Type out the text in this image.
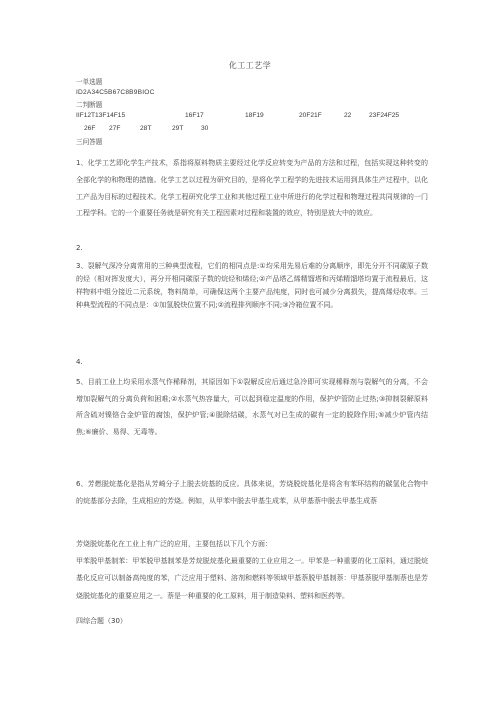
化工工艺学
一单选题
ID2A34C5B67C8B9BIOC
二判断题
IIF12T13F14F15	16F17	18F19	20F21F	22	23F24F25
26F 27F	28T	29T	30
三问答题
1、化学工艺即化学生产技术，系指将原料物质主要经过化学反应转变为产品的方法和过程，包括实现这种转变的全部化学的和物理的措施。化学工艺以过程为研究目的，是将化学工程学的先进技术运用到具体生产过程中，以化工产品为目标的过程技术。化学工程研究化学工业和其他过程工业中所进行的化学过程和物理过程共同规律的一门工程学科。它的一个重要任务就是研究有关工程因素对过程和装置的效应，特别是放大中的效应。
2.
3、裂解气深冷分离常用的三种典型流程，它们的相同点是:①均采用先易后难的分离顺序，即先分开不同碳原子数的烃（相对挥发度大），再分开相同碳原子数的烷烃和烯烃;②产品塔乙烯精馏塔和丙烯精馏塔均置于流程最后，这样物料中组分接近二元系统，物料简单，可确保这两个主要产品纯度，同时也可减少分离损失，提高烯烃收率。三种典型流程的不同点是：①加氢脱炔位置不同;②流程排列顺序不同;③冷箱位置不同。
4.
5、目前工业上均采用水蒸气作稀释剂，其原因如下①裂解反应后通过急冷即可实现稀释剂与裂解气的分离，不会增加裂解气的分离负荷和困难;②水蒸气热容量大，可以起到稳定温度的作用，保护炉管防止过热;③抑制裂解原料所含硫对镍铬合金炉管的腐蚀，保护炉管;④脱除结碳，水蒸气对已生成的碳有一定的脱除作用;⑤减少炉管内结焦;⑥廉价、易得、无毒等。
6、芳燃脱烷基化是指从芳崎分子上脱去烷基的反应。具体来说，芳烧脱烷基化是将含有苯环结构的碳氢化合物中的烷基部分去除，生成相应的芳烧。例如，从甲苯中脱去甲基生成苯，从甲基萘中脱去甲基生成萘
芳烧脱烷基化在工业上有广泛的应用，主要包括以下几个方面：
甲苯脱甲基制苯：甲苯脱甲基制苯是芳烷脱烷基化最重要的工业应用之一。甲苯是一种重要的化工原料，通过脱烷基化反应可以制备高纯度的苯，广泛应用于塑料、溶剂和燃料等领域甲基萘脱甲基制萘：甲基萘脱甲基制萘也是芳烧脱烷基化的重要应用之一。萘是一种重要的化工原料，用于制造染料、塑料和医药等。
四综合题（30）
